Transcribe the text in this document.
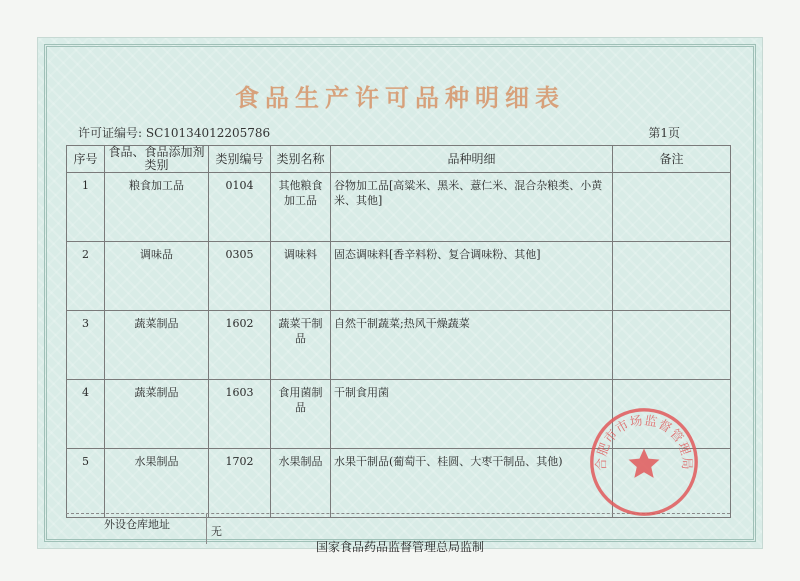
食品生产许可品种明细表
许可证编号: SC10134012205786	第1页
序号	食品、食品添加剂类别	类别编号	类别名称	品种明细	备注
1	粮食加工品	0104	其他粮食加工品	谷物加工品[高粱米、黑米、薏仁米、混合杂粮类、小黄米、其他]	
2	调味品	0305	调味料	固态调味料[香辛料粉、复合调味粉、其他]	
3	蔬菜制品	1602	蔬菜干制品	自然干制蔬菜;热风干燥蔬菜	
4	蔬菜制品	1603	食用菌制品	干制食用菌	
5	水果制品	1702	水果制品	水果干制品(葡萄干、桂圆、大枣干制品、其他)	
外设仓库地址
无
国家食品药品监督管理总局监制
合肥市市场监督管理局
